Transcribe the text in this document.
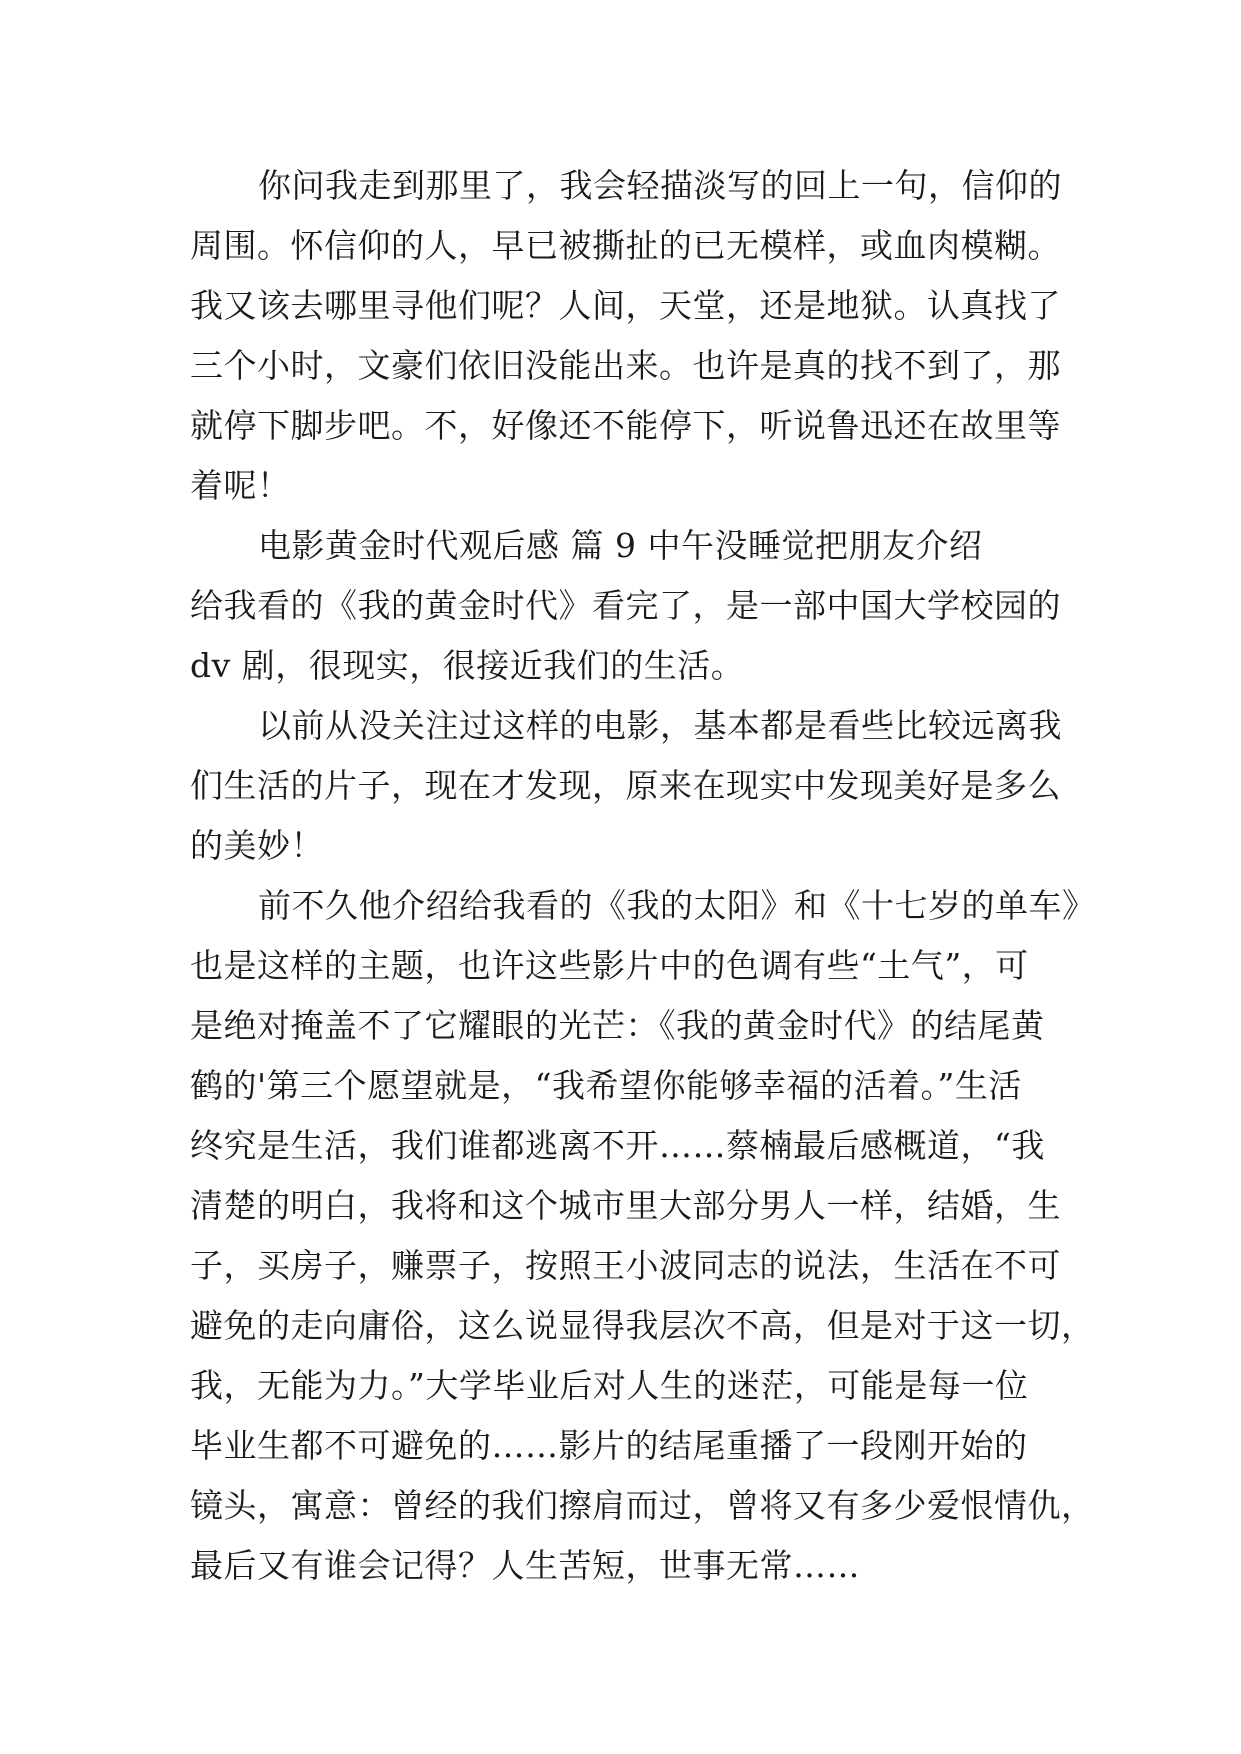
你问我走到那里了，我会轻描淡写的回上一句，信仰的
周围。怀信仰的人，早已被撕扯的已无模样，或血肉模糊。
我又该去哪里寻他们呢？人间，天堂，还是地狱。认真找了
三个小时，文豪们依旧没能出来。也许是真的找不到了，那
就停下脚步吧。不，好像还不能停下，听说鲁迅还在故里等
着呢！
电影黄金时代观后感 篇 9 中午没睡觉把朋友介绍
给我看的《我的黄金时代》看完了，是一部中国大学校园的
dv 剧，很现实，很接近我们的生活。
以前从没关注过这样的电影，基本都是看些比较远离我
们生活的片子，现在才发现，原来在现实中发现美好是多么
的美妙！
前不久他介绍给我看的《我的太阳》和《十七岁的单车》
也是这样的主题，也许这些影片中的色调有些“土气”，可
是绝对掩盖不了它耀眼的光芒：《我的黄金时代》的结尾黄
鹤的'第三个愿望就是，“我希望你能够幸福的活着。”生活
终究是生活，我们谁都逃离不开……蔡楠最后感概道，“我
清楚的明白，我将和这个城市里大部分男人一样，结婚，生
子，买房子，赚票子，按照王小波同志的说法，生活在不可
避免的走向庸俗，这么说显得我层次不高，但是对于这一切，
我，无能为力。”大学毕业后对人生的迷茫，可能是每一位
毕业生都不可避免的……影片的结尾重播了一段刚开始的
镜头，寓意：曾经的我们擦肩而过，曾将又有多少爱恨情仇，
最后又有谁会记得？人生苦短，世事无常……
